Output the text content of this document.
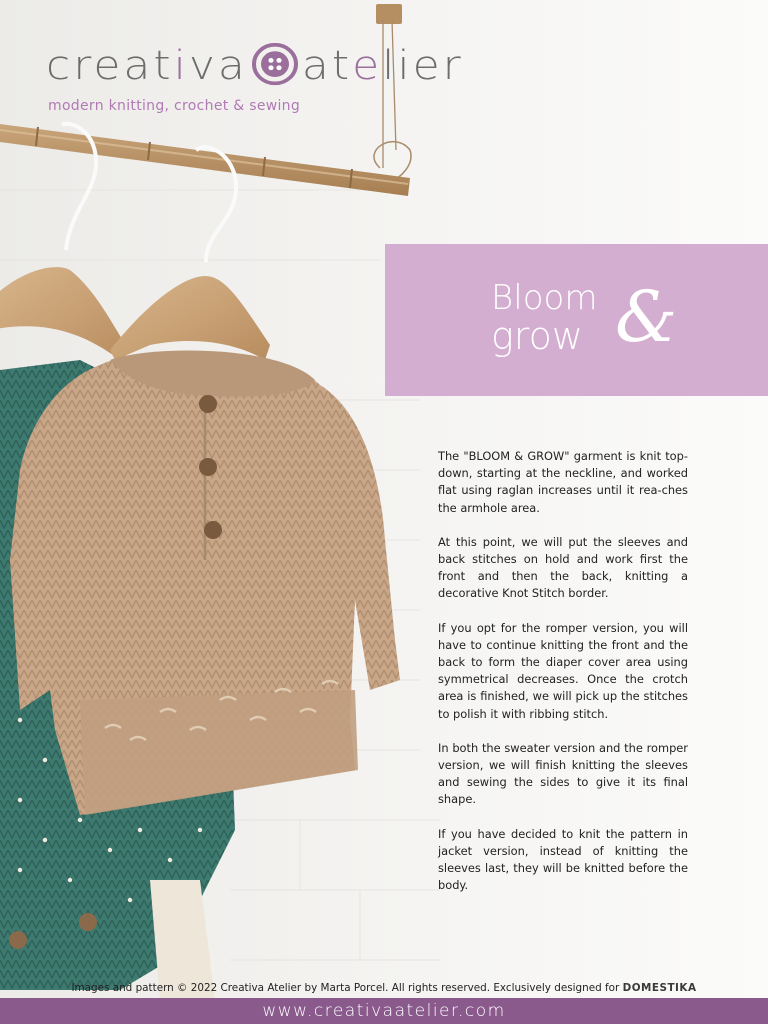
creativa atelier
modern knitting, crochet & sewing
Bloom
grow &

The "BLOOM & GROW" garment is knit top-down, starting at the neckline, and worked flat using raglan increases until it rea-ches the armhole area.

At this point, we will put the sleeves and back stitches on hold and work first the front and then the back, knitting a decorative Knot Stitch border.

If you opt for the romper version, you will have to continue knitting the front and the back to form the diaper cover area using symmetrical decreases. Once the crotch area is finished, we will pick up the stitches to polish it with ribbing stitch.

In both the sweater version and the romper version, we will finish knitting the sleeves and sewing the sides to give it its final shape.

If you have decided to knit the pattern in jacket version, instead of knitting the sleeves last, they will be knitted before the body.

Images and pattern © 2022 Creativa Atelier by Marta Porcel. All rights reserved. Exclusively designed for DOMESTIKA
www.creativaatelier.com
